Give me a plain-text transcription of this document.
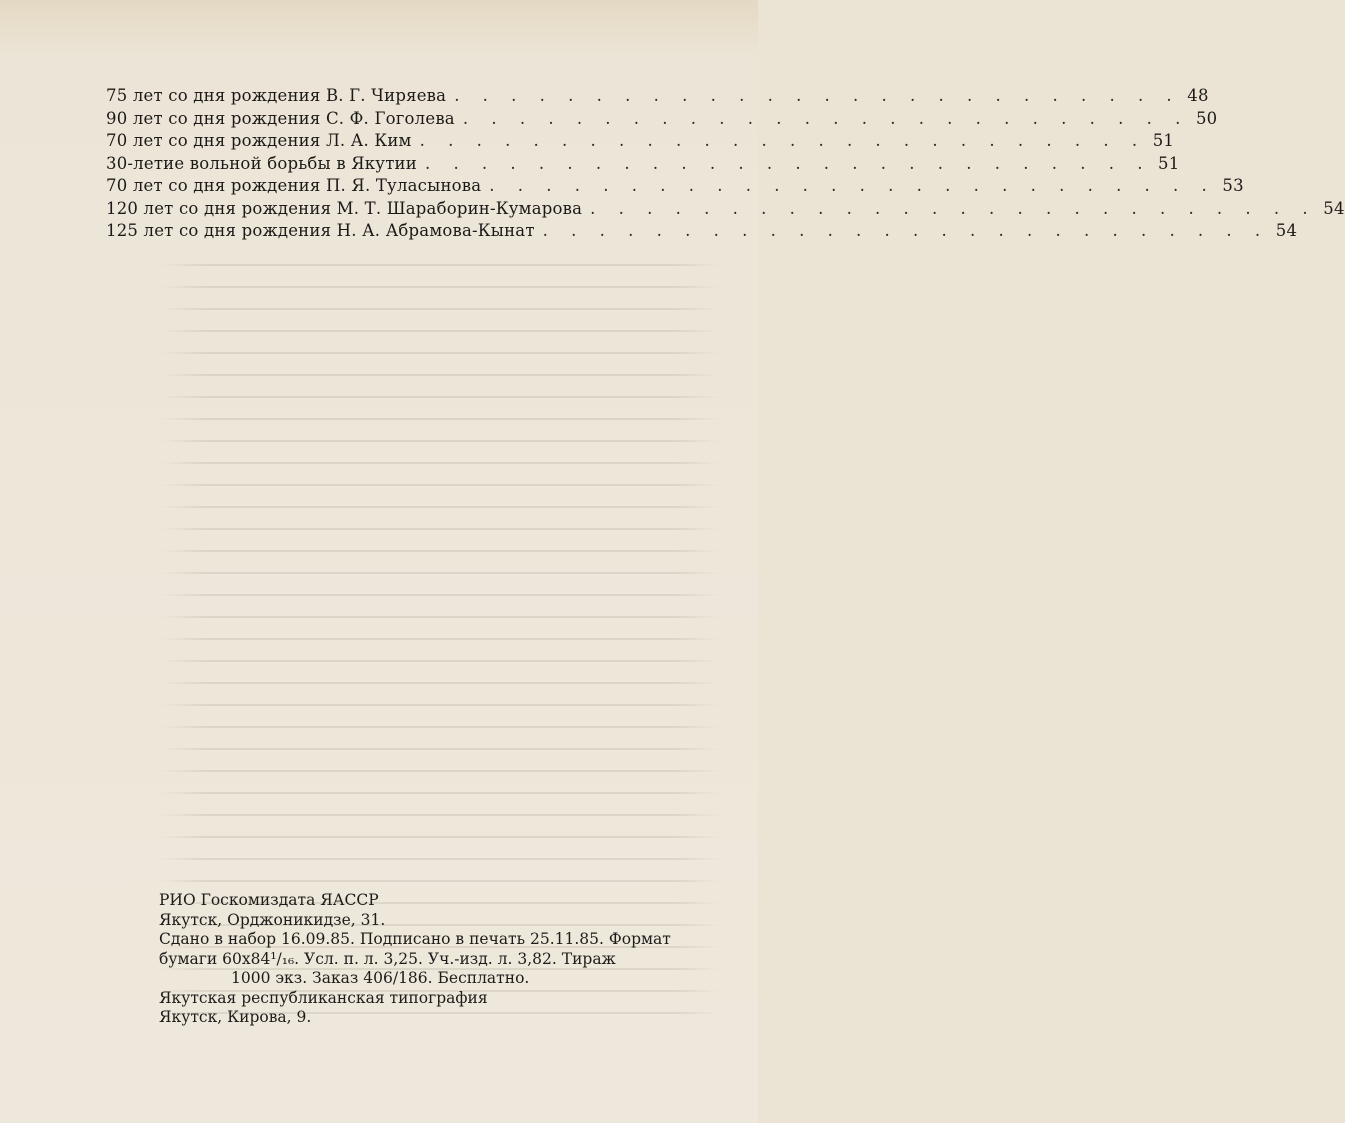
75 лет со дня рождения В. Г. Чиряева . . . . . . . . . . . . . . . . . . . . . . . . . . 48
90 лет со дня рождения С. Ф. Гоголева . . . . . . . . . . . . . . . . . . . . . . . . . . 50
70 лет со дня рождения Л. А. Ким . . . . . . . . . . . . . . . . . . . . . . . . . . 51
30-летие вольной борьбы в Якутии . . . . . . . . . . . . . . . . . . . . . . . . . . 51
70 лет со дня рождения П. Я. Туласынова . . . . . . . . . . . . . . . . . . . . . . . . . . 53
120 лет со дня рождения М. Т. Шараборин-Кумарова . . . . . . . . . . . . . . . . . . . . . . . . . . 54
125 лет со дня рождения Н. А. Абрамова-Кынат . . . . . . . . . . . . . . . . . . . . . . . . . . 54
РИО Госкомиздата ЯАССР
Якутск, Орджоникидзе, 31.
Сдано в набор 16.09.85. Подписано в печать 25.11.85. Формат
бумаги 60х84¹/₁₆. Усл. п. л. 3,25. Уч.-изд. л. 3,82. Тираж
1000 экз. Заказ 406/186. Бесплатно.
Якутская республиканская типография
Якутск, Кирова, 9.
